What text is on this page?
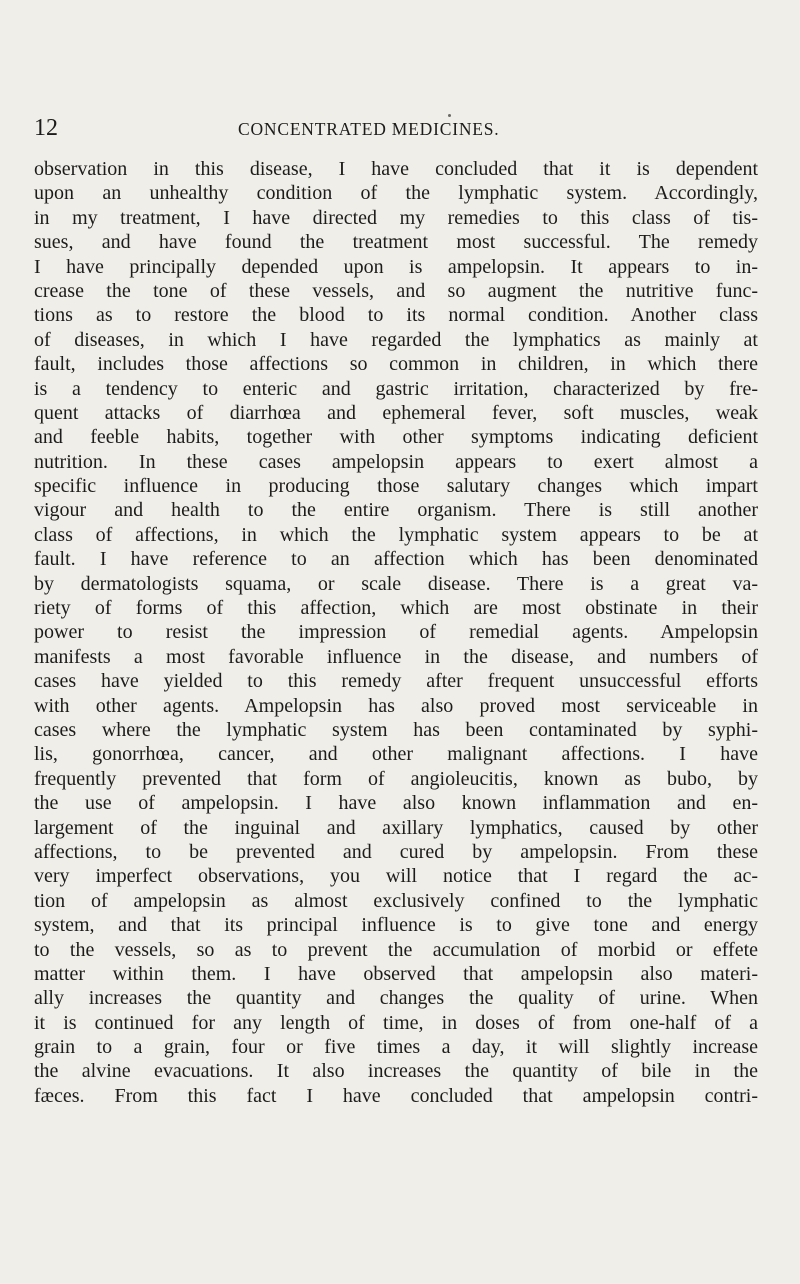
12	CONCENTRATED MEDICINES.
observation in this disease, I have concluded that it is dependent
upon an unhealthy condition of the lymphatic system. Accordingly,
in my treatment, I have directed my remedies to this class of tis-
sues, and have found the treatment most successful. The remedy
I have principally depended upon is ampelopsin. It appears to in-
crease the tone of these vessels, and so augment the nutritive func-
tions as to restore the blood to its normal condition. Another class
of diseases, in which I have regarded the lymphatics as mainly at
fault, includes those affections so common in children, in which there
is a tendency to enteric and gastric irritation, characterized by fre-
quent attacks of diarrhœa and ephemeral fever, soft muscles, weak
and feeble habits, together with other symptoms indicating deficient
nutrition. In these cases ampelopsin appears to exert almost a
specific influence in producing those salutary changes which impart
vigour and health to the entire organism. There is still another
class of affections, in which the lymphatic system appears to be at
fault. I have reference to an affection which has been denominated
by dermatologists squama, or scale disease. There is a great va-
riety of forms of this affection, which are most obstinate in their
power to resist the impression of remedial agents. Ampelopsin
manifests a most favorable influence in the disease, and numbers of
cases have yielded to this remedy after frequent unsuccessful efforts
with other agents. Ampelopsin has also proved most serviceable in
cases where the lymphatic system has been contaminated by syphi-
lis, gonorrhœa, cancer, and other malignant affections. I have
frequently prevented that form of angioleucitis, known as bubo, by
the use of ampelopsin. I have also known inflammation and en-
largement of the inguinal and axillary lymphatics, caused by other
affections, to be prevented and cured by ampelopsin. From these
very imperfect observations, you will notice that I regard the ac-
tion of ampelopsin as almost exclusively confined to the lymphatic
system, and that its principal influence is to give tone and energy
to the vessels, so as to prevent the accumulation of morbid or effete
matter within them. I have observed that ampelopsin also materi-
ally increases the quantity and changes the quality of urine. When
it is continued for any length of time, in doses of from one-half of a
grain to a grain, four or five times a day, it will slightly increase
the alvine evacuations. It also increases the quantity of bile in the
fæces. From this fact I have concluded that ampelopsin contri-
